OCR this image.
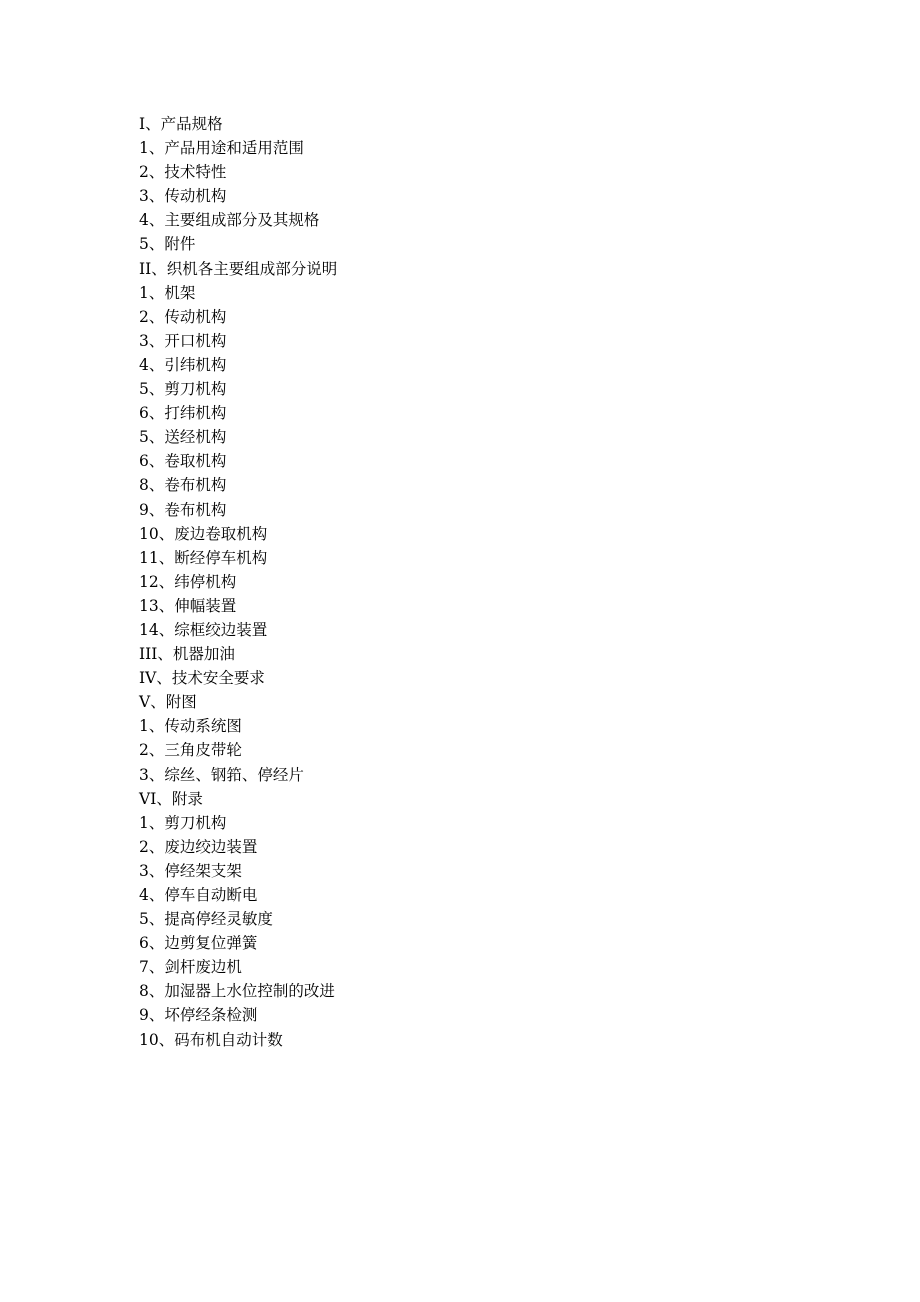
I、产品规格
1、产品用途和适用范围
2、技术特性
3、传动机构
4、主要组成部分及其规格
5、附件
II、织机各主要组成部分说明
1、机架
2、传动机构
3、开口机构
4、引纬机构
5、剪刀机构
6、打纬机构
5、送经机构
6、卷取机构
8、卷布机构
9、卷布机构
10、废边卷取机构
11、断经停车机构
12、纬停机构
13、伸幅装置
14、综框绞边装置
III、机器加油
IV、技术安全要求
V、附图
1、传动系统图
2、三角皮带轮
3、综丝、钢筘、停经片
VI、附录
1、剪刀机构
2、废边绞边装置
3、停经架支架
4、停车自动断电
5、提高停经灵敏度
6、边剪复位弹簧
7、剑杆废边机
8、加湿器上水位控制的改进
9、坏停经条检测
10、码布机自动计数
